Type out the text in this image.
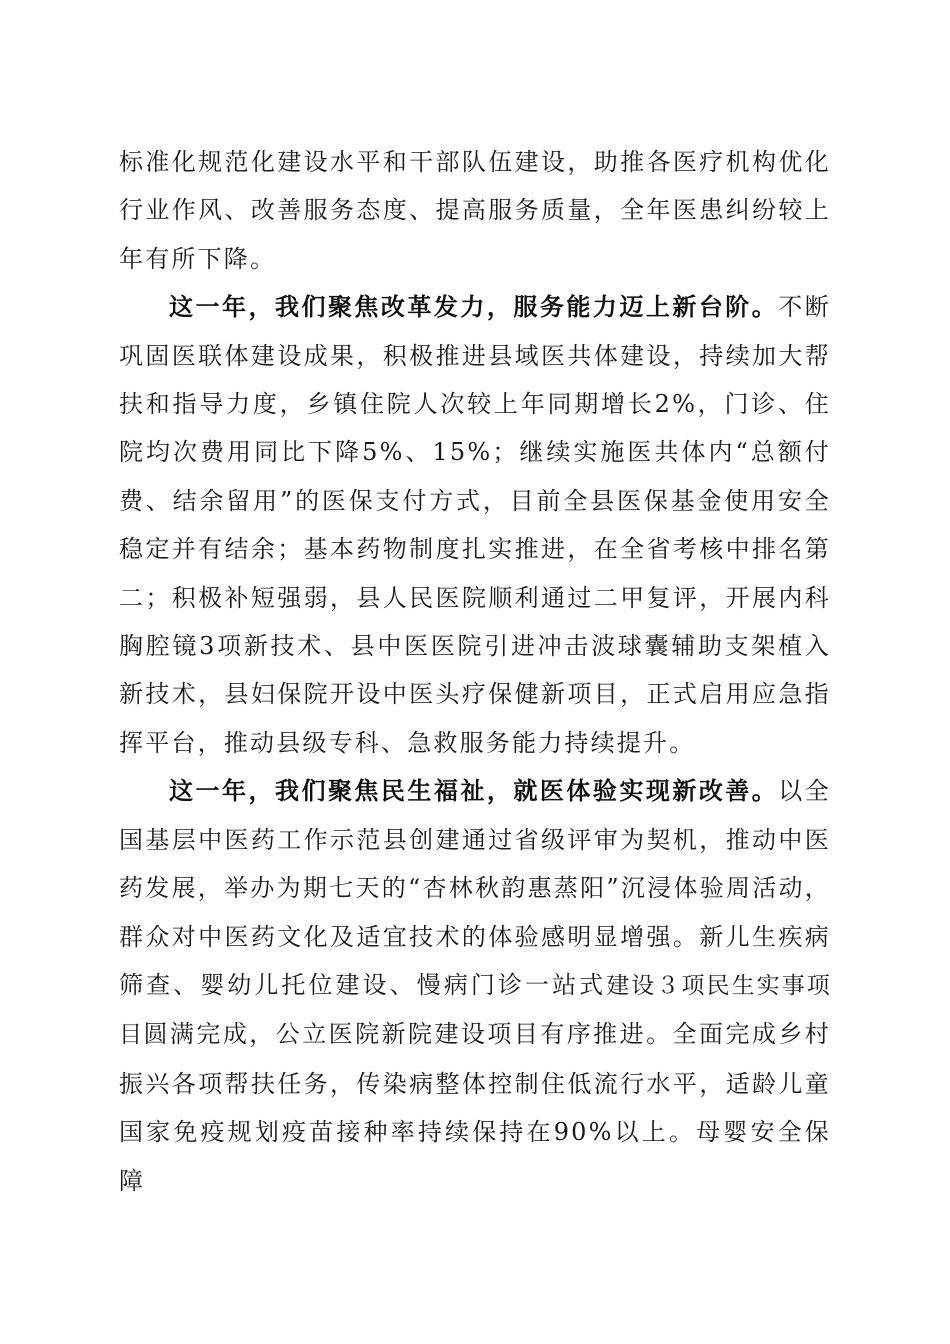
标准化规范化建设水平和干部队伍建设，助推各医疗机构优化行业作风、改善服务态度、提高服务质量，全年医患纠纷较上年有所下降。

这一年，我们聚焦改革发力，服务能力迈上新台阶。不断巩固医联体建设成果，积极推进县域医共体建设，持续加大帮扶和指导力度，乡镇住院人次较上年同期增长2%，门诊、住院均次费用同比下降5%、15%；继续实施医共体内“总额付费、结余留用”的医保支付方式，目前全县医保基金使用安全稳定并有结余；基本药物制度扎实推进，在全省考核中排名第二；积极补短强弱，县人民医院顺利通过二甲复评，开展内科胸腔镜3项新技术、县中医医院引进冲击波球囊辅助支架植入新技术，县妇保院开设中医头疗保健新项目，正式启用应急指挥平台，推动县级专科、急救服务能力持续提升。

这一年，我们聚焦民生福祉，就医体验实现新改善。以全国基层中医药工作示范县创建通过省级评审为契机，推动中医药发展，举办为期七天的“杏林秋韵惠蒸阳”沉浸体验周活动，群众对中医药文化及适宜技术的体验感明显增强。新儿生疾病筛查、婴幼儿托位建设、慢病门诊一站式建设３项民生实事项目圆满完成，公立医院新院建设项目有序推进。全面完成乡村振兴各项帮扶任务，传染病整体控制住低流行水平，适龄儿童国家免疫规划疫苗接种率持续保持在90%以上。母婴安全保障
